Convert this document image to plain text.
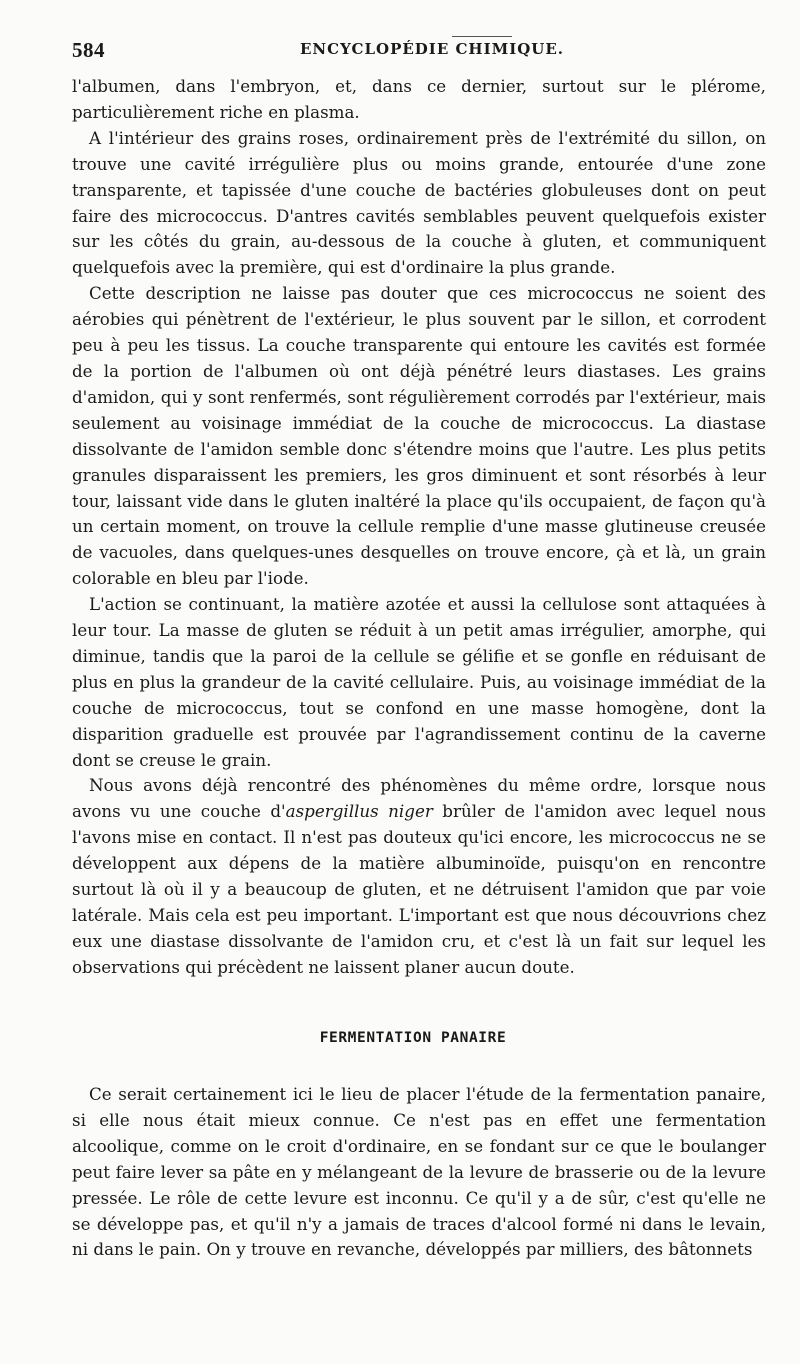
584	ENCYCLOPÉDIE CHIMIQUE.

l'albumen, dans l'embryon, et, dans ce dernier, surtout sur le plérome, particulièrement riche en plasma.

A l'intérieur des grains roses, ordinairement près de l'extrémité du sillon, on trouve une cavité irrégulière plus ou moins grande, entourée d'une zone transparente, et tapissée d'une couche de bactéries globuleuses dont on peut faire des micrococcus. D'antres cavités semblables peuvent quelquefois exister sur les côtés du grain, au-dessous de la couche à gluten, et communiquent quelquefois avec la première, qui est d'ordinaire la plus grande.

Cette description ne laisse pas douter que ces micrococcus ne soient des aérobies qui pénètrent de l'extérieur, le plus souvent par le sillon, et corrodent peu à peu les tissus. La couche transparente qui entoure les cavités est formée de la portion de l'albumen où ont déjà pénétré leurs diastases. Les grains d'amidon, qui y sont renfermés, sont régulièrement corrodés par l'extérieur, mais seulement au voisinage immédiat de la couche de micrococcus. La diastase dissolvante de l'amidon semble donc s'étendre moins que l'autre. Les plus petits granules disparaissent les premiers, les gros diminuent et sont résorbés à leur tour, laissant vide dans le gluten inaltéré la place qu'ils occupaient, de façon qu'à un certain moment, on trouve la cellule remplie d'une masse glutineuse creusée de vacuoles, dans quelques-unes desquelles on trouve encore, çà et là, un grain colorable en bleu par l'iode.

L'action se continuant, la matière azotée et aussi la cellulose sont attaquées à leur tour. La masse de gluten se réduit à un petit amas irrégulier, amorphe, qui diminue, tandis que la paroi de la cellule se gélifie et se gonfle en réduisant de plus en plus la grandeur de la cavité cellulaire. Puis, au voisinage immédiat de la couche de micrococcus, tout se confond en une masse homogène, dont la disparition graduelle est prouvée par l'agrandissement continu de la caverne dont se creuse le grain.

Nous avons déjà rencontré des phénomènes du même ordre, lorsque nous avons vu une couche d'aspergillus niger brûler de l'amidon avec lequel nous l'avons mise en contact. Il n'est pas douteux qu'ici encore, les micrococcus ne se développent aux dépens de la matière albuminoïde, puisqu'on en rencontre surtout là où il y a beaucoup de gluten, et ne détruisent l'amidon que par voie latérale. Mais cela est peu important. L'important est que nous découvrions chez eux une diastase dissolvante de l'amidon cru, et c'est là un fait sur lequel les observations qui précèdent ne laissent planer aucun doute.

FERMENTATION PANAIRE

Ce serait certainement ici le lieu de placer l'étude de la fermentation panaire, si elle nous était mieux connue. Ce n'est pas en effet une fermentation alcoolique, comme on le croit d'ordinaire, en se fondant sur ce que le boulanger peut faire lever sa pâte en y mélangeant de la levure de brasserie ou de la levure pressée. Le rôle de cette levure est inconnu. Ce qu'il y a de sûr, c'est qu'elle ne se développe pas, et qu'il n'y a jamais de traces d'alcool formé ni dans le levain, ni dans le pain. On y trouve en revanche, développés par milliers, des bâtonnets
